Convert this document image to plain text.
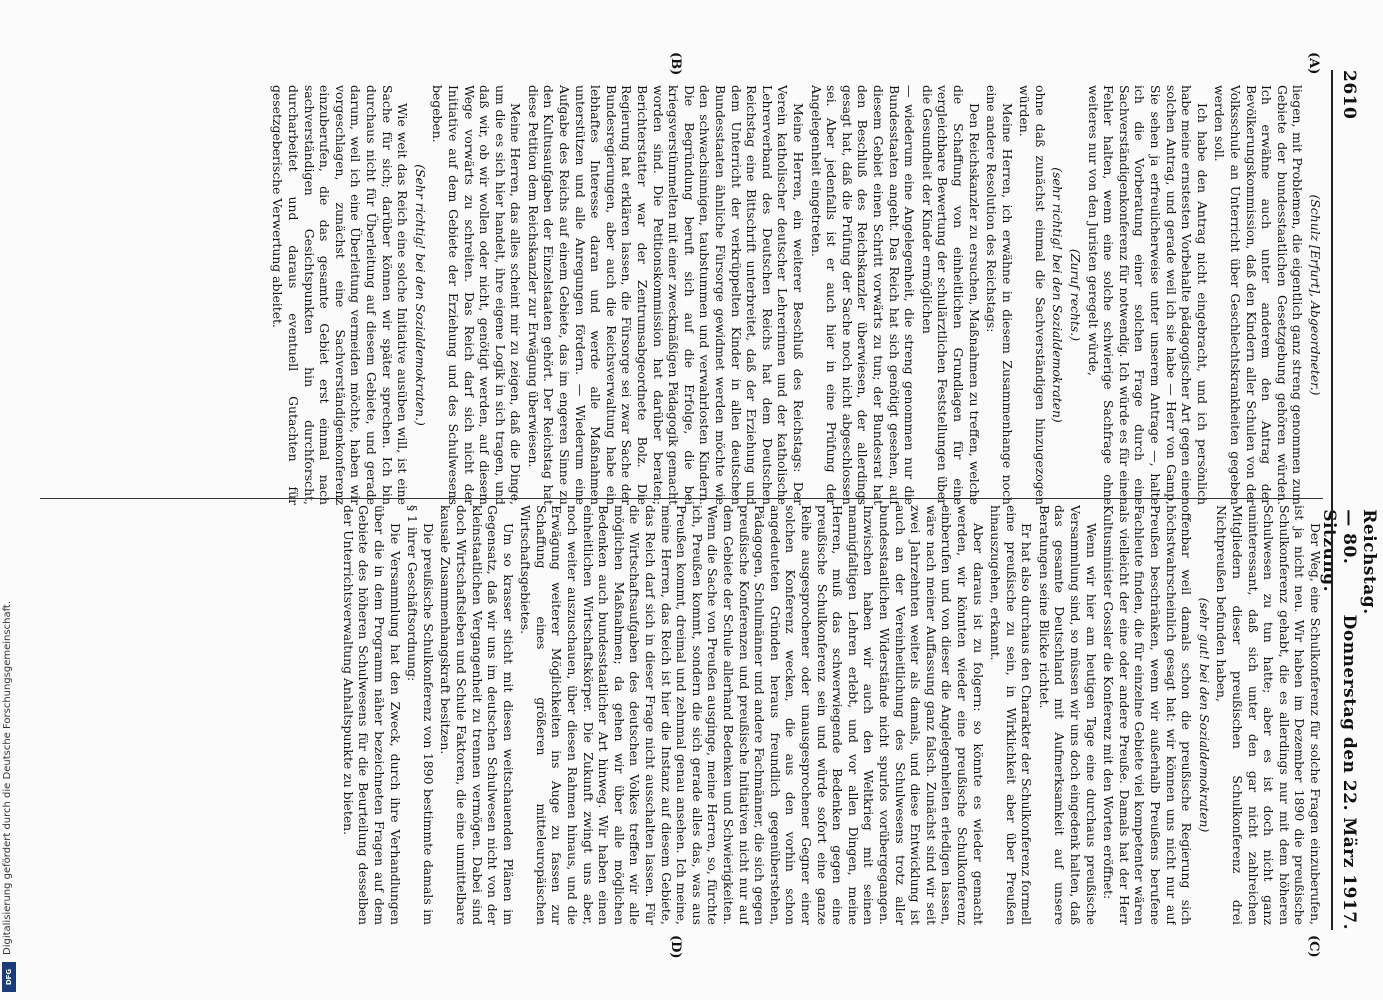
2610
Reichstag. — 80. Sitzung.
Donnerstag den 22. März 1917.
(A)
(B)
(C)
(D)

(Schulz [Erfurt], Abgeordneter.)

liegen, mit Problemen, die eigentlich ganz streng genommen zum Gebiete der bundesstaatlichen Gesetzgebung gehören würden. Ich erwähne auch unter anderem den Antrag der Bevölkerungskommission, daß den Kindern aller Schulen von der Volksschule an Unterricht über Geschlechtskrankheiten gegeben werden soll.

Ich habe den Antrag nicht eingebracht, und ich persönlich habe meine ernstesten Vorbehalte pädagogischer Art gegen einen solchen Antrag, und gerade weil ich sie habe — Herr von Gamp, Sie sehen ja erfreulicherweise unter unserem Antrage —, halte ich die Vorberatung einer solchen Frage durch eine Sachverständigenkonferenz für notwendig. Ich würde es für einen Fehler halten, wenn eine solche schwierige Sachfrage ohne weiteres nur von den Juristen geregelt würde,

(Zuruf rechts.)

(sehr richtig! bei den Sozialdemokraten)

ohne daß zunächst einmal die Sachverständigen hinzugezogen würden.

Meine Herren, ich erwähne in diesem Zusammenhange noch eine andere Resolution des Reichstags:

Den Reichskanzler zu ersuchen, Maßnahmen zu treffen, welche die Schaffung von einheitlichen Grundlagen für eine vergleichbare Bewertung der schulärztlichen Feststellungen über die Gesundheit der Kinder ermöglichen

— wiederum eine Angelegenheit, die streng genommen nur die Bundesstaaten angeht. Das Reich hat sich genötigt gesehen, auf diesem Gebiet einen Schritt vorwärts zu tun; der Bundesrat hat den Beschluß des Reichskanzler überwiesen, der allerdings gesagt hat, daß die Prüfung der Sache noch nicht abgeschlossen sei. Aber jedenfalls ist er auch hier in eine Prüfung der Angelegenheit eingetreten.

Meine Herren, ein weiterer Beschluß des Reichstags: Der Verein katholischer deutscher Lehrerinnen und der katholische Lehrerverband des Deutschen Reichs hat dem Deutschen Reichstag eine Bittschrift unterbreitet, daß der Erziehung und dem Unterricht der verkrüppelten Kinder in allen deutschen Bundesstaaten ähnliche Fürsorge gewidmet werden möchte wie den schwachsinnigen, taubstummen und verwahrlosten Kindern. Die Begründung beruft sich auf die Erfolge, die bei kriegsverstümmelten mit einer zweckmäßigen Pädagogik gemacht worden sind. Die Petitionskommission hat darüber beraten; Berichterstatter war der Zentrumsabgeordnete Bolz. Die Regierung hat erklären lassen, die Fürsorge sei zwar Sache der Bundesregierungen, aber auch die Reichsverwaltung habe ein lebhaftes Interesse daran und werde alle Maßnahmen unterstützen und alle Anregungen fördern. — Wiederum eine Aufgabe des Reichs auf einem Gebiete, das im engeren Sinne zu den Kultusaufgaben der Einzelstaaten gehört. Der Reichstag hat diese Petition dem Reichskanzler zur Erwägung überwiesen.

Meine Herren, das alles scheint mir zu zeigen, daß die Dinge, um die es sich hier handelt, ihre eigene Logik in sich tragen, und daß wir, ob wir wollen oder nicht, genötigt werden, auf diesem Wege vorwärts zu schreiten. Das Reich darf sich nicht der Initiative auf dem Gebiete der Erziehung und des Schulwesens begeben.

(Sehr richtig! bei den Sozialdemokraten.)

Wie weit das Reich eine solche Initiative ausüben will, ist eine Sache für sich; darüber können wir später sprechen. Ich bin durchaus nicht für Überleitung auf diesem Gebiete, und gerade darum, weil ich eine Überleitung vermeiden möchte, haben wir vorgeschlagen, zunächst eine Sachverständigenkonferenz einzuberufen, die das gesamte Gebiet erst einmal nach sachverständigen Gesichtspunkten hin durchforscht, durcharbeitet und daraus eventuell Gutachten für gesetzgeberische Verwertung ableitet.

Der Weg, eine Schulkonferenz für solche Fragen einzuberufen, ist ja nicht neu. Wir haben im Dezember 1890 die preußische Schulkonferenz gehabt, die es allerdings nur mit dem höheren Schulwesen zu tun hatte; aber es ist doch nicht ganz uninteressant, daß sich unter den gar nicht zahlreichen Mitgliedern dieser preußischen Schulkonferenz drei Nichtpreußen befunden haben,

(sehr gut! bei den Sozialdemokraten)

offenbar weil damals schon die preußische Regierung sich höchstwahrscheinlich gesagt hat: wir können uns nicht nur auf Preußen beschränken, wenn wir außerhalb Preußens berufene Fachleute finden, die für einzelne Gebiete viel kompetenter wären als vielleicht der eine oder andere Preuße. Damals hat der Herr Kultusminister Gossler die Konferenz mit den Worten eröffnet:

Wenn wir hier am heutigen Tage eine durchaus preußische Versammlung sind, so müssen wir uns doch eingedenk halten, daß das gesamte Deutschland mit Aufmerksamkeit auf unsere Beratungen seine Blicke richtet.

Er hat also durchaus den Charakter der Schulkonferenz formell eine preußische zu sein, in Wirklichkeit aber über Preußen hinauszugehen, erkannt.

Aber daraus ist zu folgern: so könnte es wieder gemacht werden, wir könnten wieder eine preußische Schulkonferenz einberufen und von dieser die Angelegenheiten erledigen lassen, wäre nach meiner Auffassung ganz falsch. Zunächst sind wir seit zwei Jahrzehnten weiter als damals, und diese Entwicklung ist auch an der Vereinheitlichung des Schulwesens trotz aller bundesstaatlichen Widerstände nicht spurlos vorübergegangen. Inzwischen haben wir auch den Weltkrieg mit seinen mannigfaltigen Lehren erlebt, und vor allen Dingen, meine Herren, muß das schwerwiegende Bedenken gegen eine preußische Schulkonferenz sein und würde sofort eine ganze Reihe ausgesprochener oder unausgesprochener Gegner einer solchen Konferenz wecken, die aus den vorhin schon angedeuteten Gründen heraus freundlich gegenüberstehen, Pädagogen, Schulmänner und andere Fachmänner, die sich gegen preußische Konferenzen und preußische Initiativen nicht nur auf dem Gebiete der Schule allerhand Bedenken und Schwierigkeiten. Wenn die Sache von Preußen ausginge, meine Herren, so, fürchte ich, Preußen kommt, sondern die sich gerade alles das, was aus Preußen kommt, dreimal und zehnmal genau ansehen. Ich meine, meine Herren, das Reich ist hier die Instanz auf diesem Gebiete, das Reich darf sich in dieser Frage nicht ausschalten lassen. Für die Wirtschaftsaufgaben des deutschen Volkes treffen wir alle möglichen Maßnahmen; da gehen wir über alle möglichen Bedenken auch bundesstaatlicher Art hinweg. Wir haben einen einheitlichen Wirtschaftskörper. Die Zukunft zwingt uns aber, noch weiter auszuschauen, über diesen Rahmen hinaus, und die Erwägung weiterer Möglichkeiten ins Auge zu fassen zur Schaffung eines größeren mitteleuropäischen Wirtschaftsgebietes.

Um so krasser sticht mit diesen weitschauenden Plänen im Gegensatz, daß wir uns im deutschen Schulwesen nicht von der kleinstaatlichen Vergangenheit zu trennen vermögen. Dabei sind doch Wirtschaftsleben und Schule Faktoren, die eine unmittelbare kausale Zusammenhangskraft besitzen.

Die preußische Schulkonferenz von 1890 bestimmte damals im § 1 ihrer Geschäftsordnung:

Die Versammlung hat den Zweck, durch ihre Verhandlungen über die in dem Programm näher bezeichneten Fragen auf dem Gebiete des höheren Schulwesens für die Beurteilung desselben der Unterrichtsverwaltung Anhaltspunkte zu bieten.

Digitalisierung gefördert durch die Deutsche Forschungsgemeinschaft.
DFG
